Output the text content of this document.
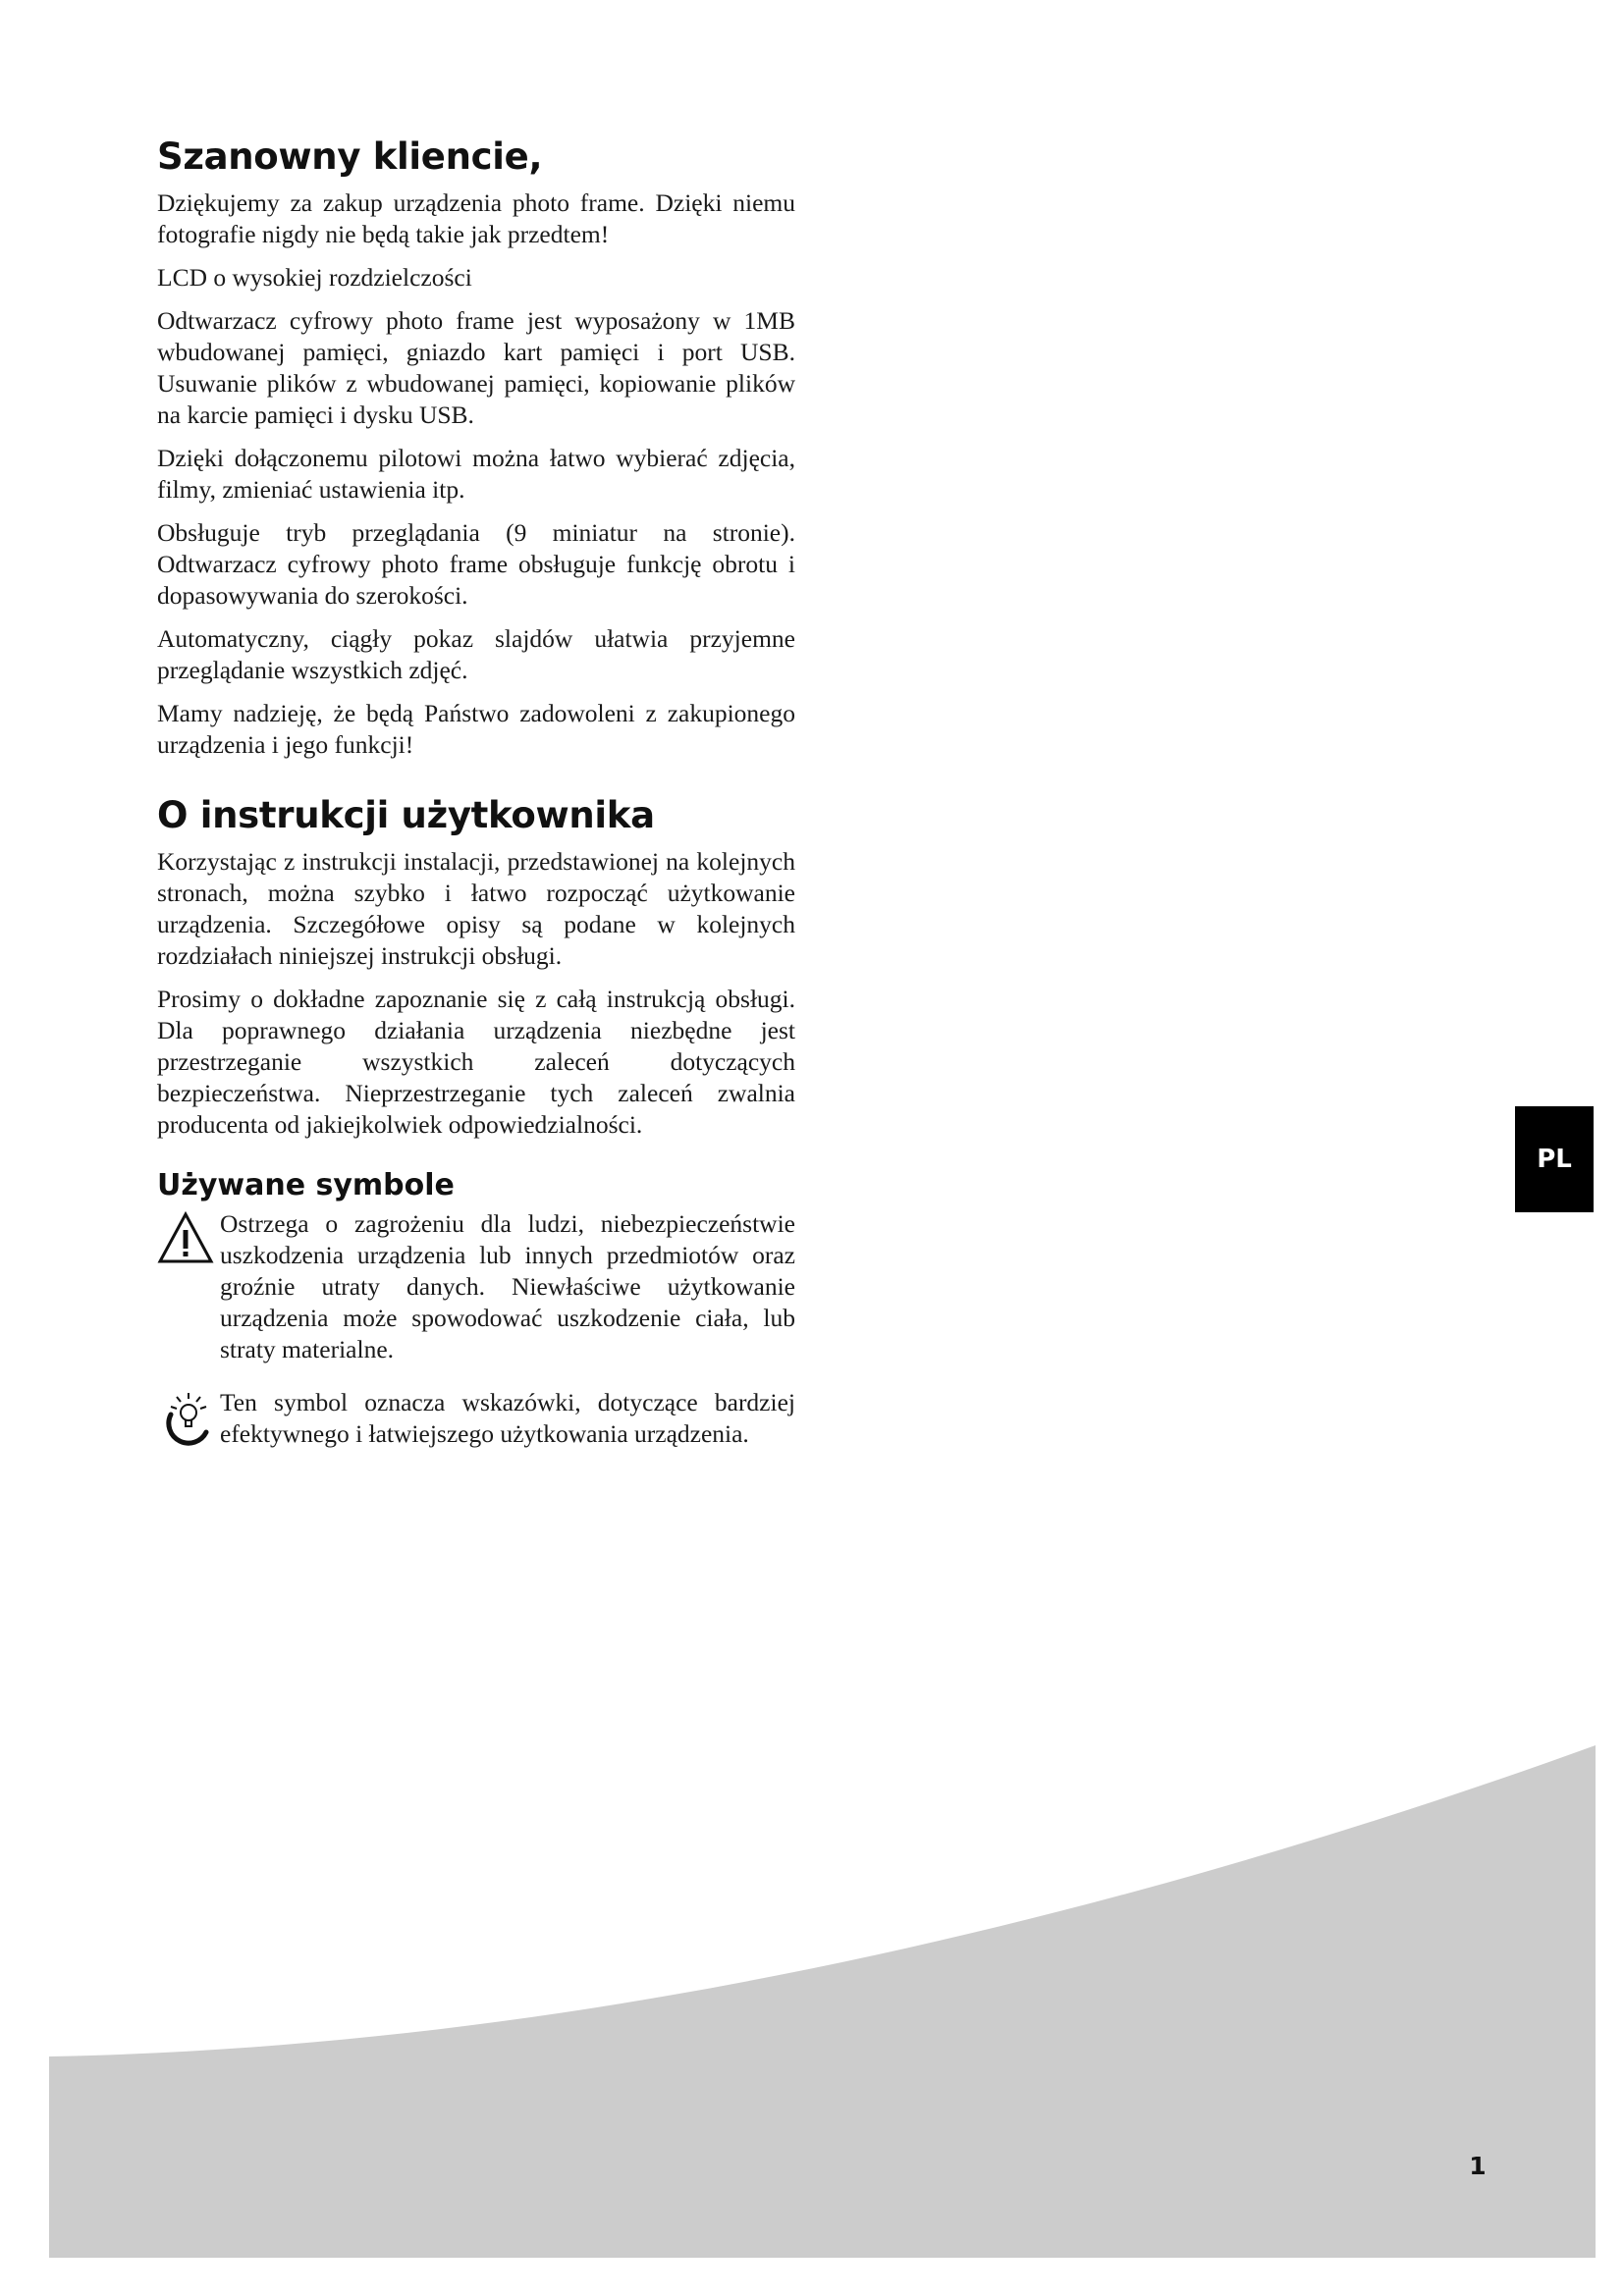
Szanowny kliencie,

Dziękujemy za zakup urządzenia photo frame. Dzięki niemu fotografie nigdy nie będą takie jak przedtem!

LCD o wysokiej rozdzielczości

Odtwarzacz cyfrowy photo frame jest wyposażony w 1MB wbudowanej pamięci, gniazdo kart pamięci i port USB. Usuwanie plików z wbudowanej pamięci, kopiowanie plików na karcie pamięci i dysku USB.

Dzięki dołączonemu pilotowi można łatwo wybierać zdjęcia, filmy, zmieniać ustawienia itp.

Obsługuje tryb przeglądania (9 miniatur na stronie). Odtwarzacz cyfrowy photo frame obsługuje funkcję obrotu i dopasowywania do szerokości.

Automatyczny, ciągły pokaz slajdów ułatwia przyjemne przeglądanie wszystkich zdjęć.

Mamy nadzieję, że będą Państwo zadowoleni z zakupionego urządzenia i jego funkcji!

O instrukcji użytkownika

Korzystając z instrukcji instalacji, przedstawionej na kolejnych stronach, można szybko i łatwo rozpocząć użytkowanie urządzenia. Szczegółowe opisy są podane w kolejnych rozdziałach niniejszej instrukcji obsługi.

Prosimy o dokładne zapoznanie się z całą instrukcją obsługi. Dla poprawnego działania urządzenia niezbędne jest przestrzeganie wszystkich zaleceń dotyczących bezpieczeństwa. Nieprzestrzeganie tych zaleceń zwalnia producenta od jakiejkolwiek odpowiedzialności.

Używane symbole

Ostrzega o zagrożeniu dla ludzi, niebezpieczeństwie uszkodzenia urządzenia lub innych przedmiotów oraz groźnie utraty danych. Niewłaściwe użytkowanie urządzenia może spowodować uszkodzenie ciała, lub straty materialne.

Ten symbol oznacza wskazówki, dotyczące bardziej efektywnego i łatwiejszego użytkowania urządzenia.

PL
1
